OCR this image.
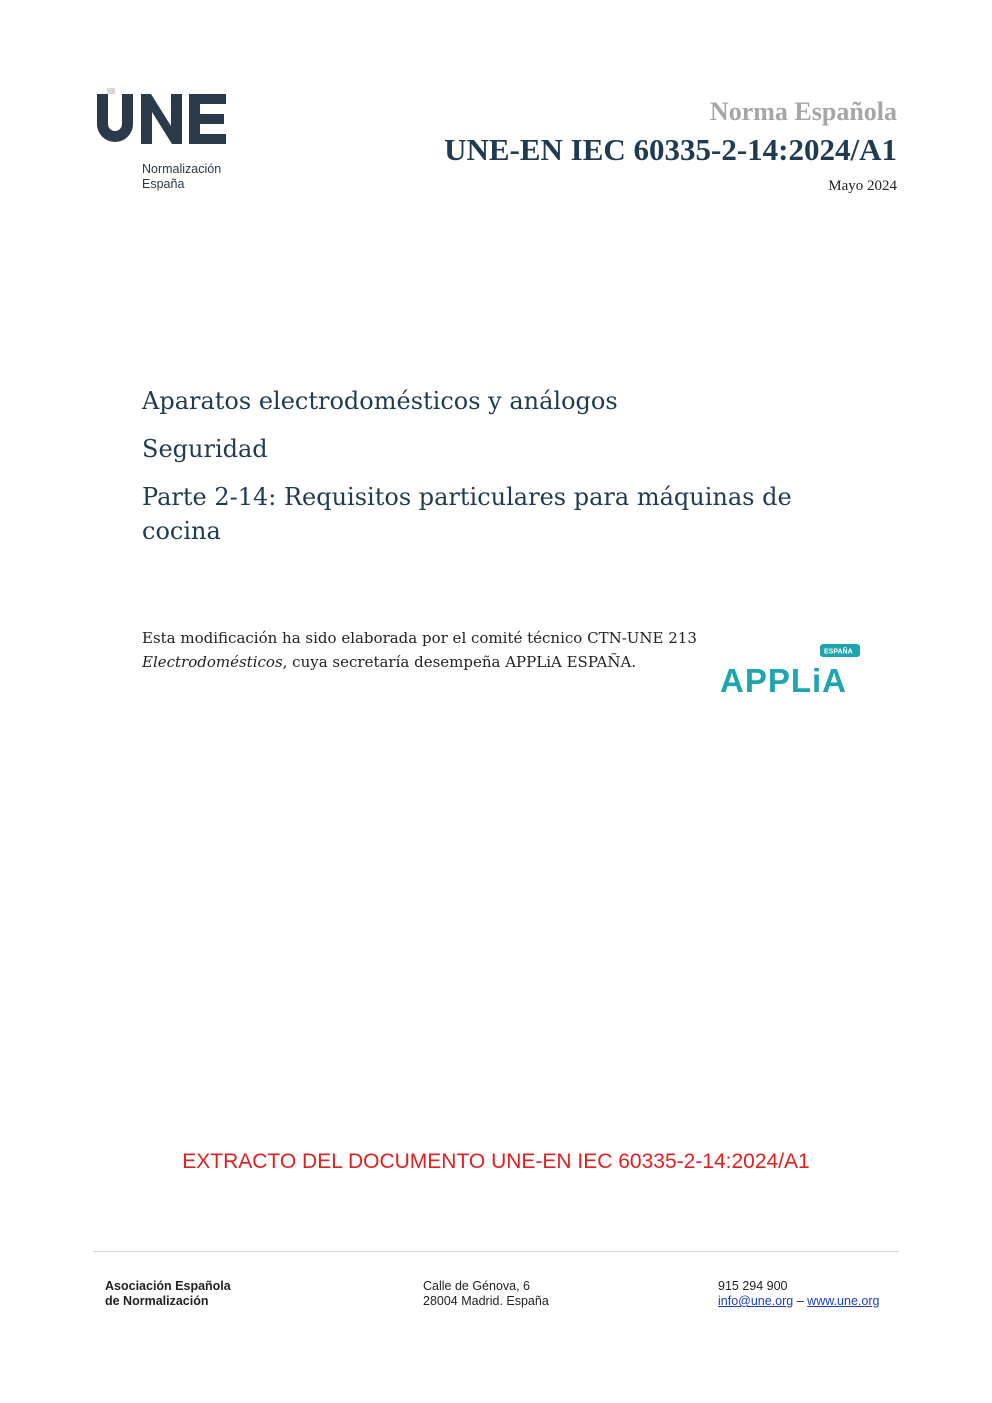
Normalización
España
Norma Española
UNE-EN IEC 60335-2-14:2024/A1
Mayo 2024

Aparatos electrodomésticos y análogos

Seguridad

Parte 2-14: Requisitos particulares para máquinas de cocina

Esta modificación ha sido elaborada por el comité técnico CTN-UNE 213 Electrodomésticos, cuya secretaría desempeña APPLiA ESPAÑA.
ESPAÑA
APPLiA
EXTRACTO DEL DOCUMENTO UNE-EN IEC 60335-2-14:2024/A1
Asociación Española
de Normalización
Calle de Génova, 6
28004 Madrid. España
915 294 900
info@une.org – www.une.org
